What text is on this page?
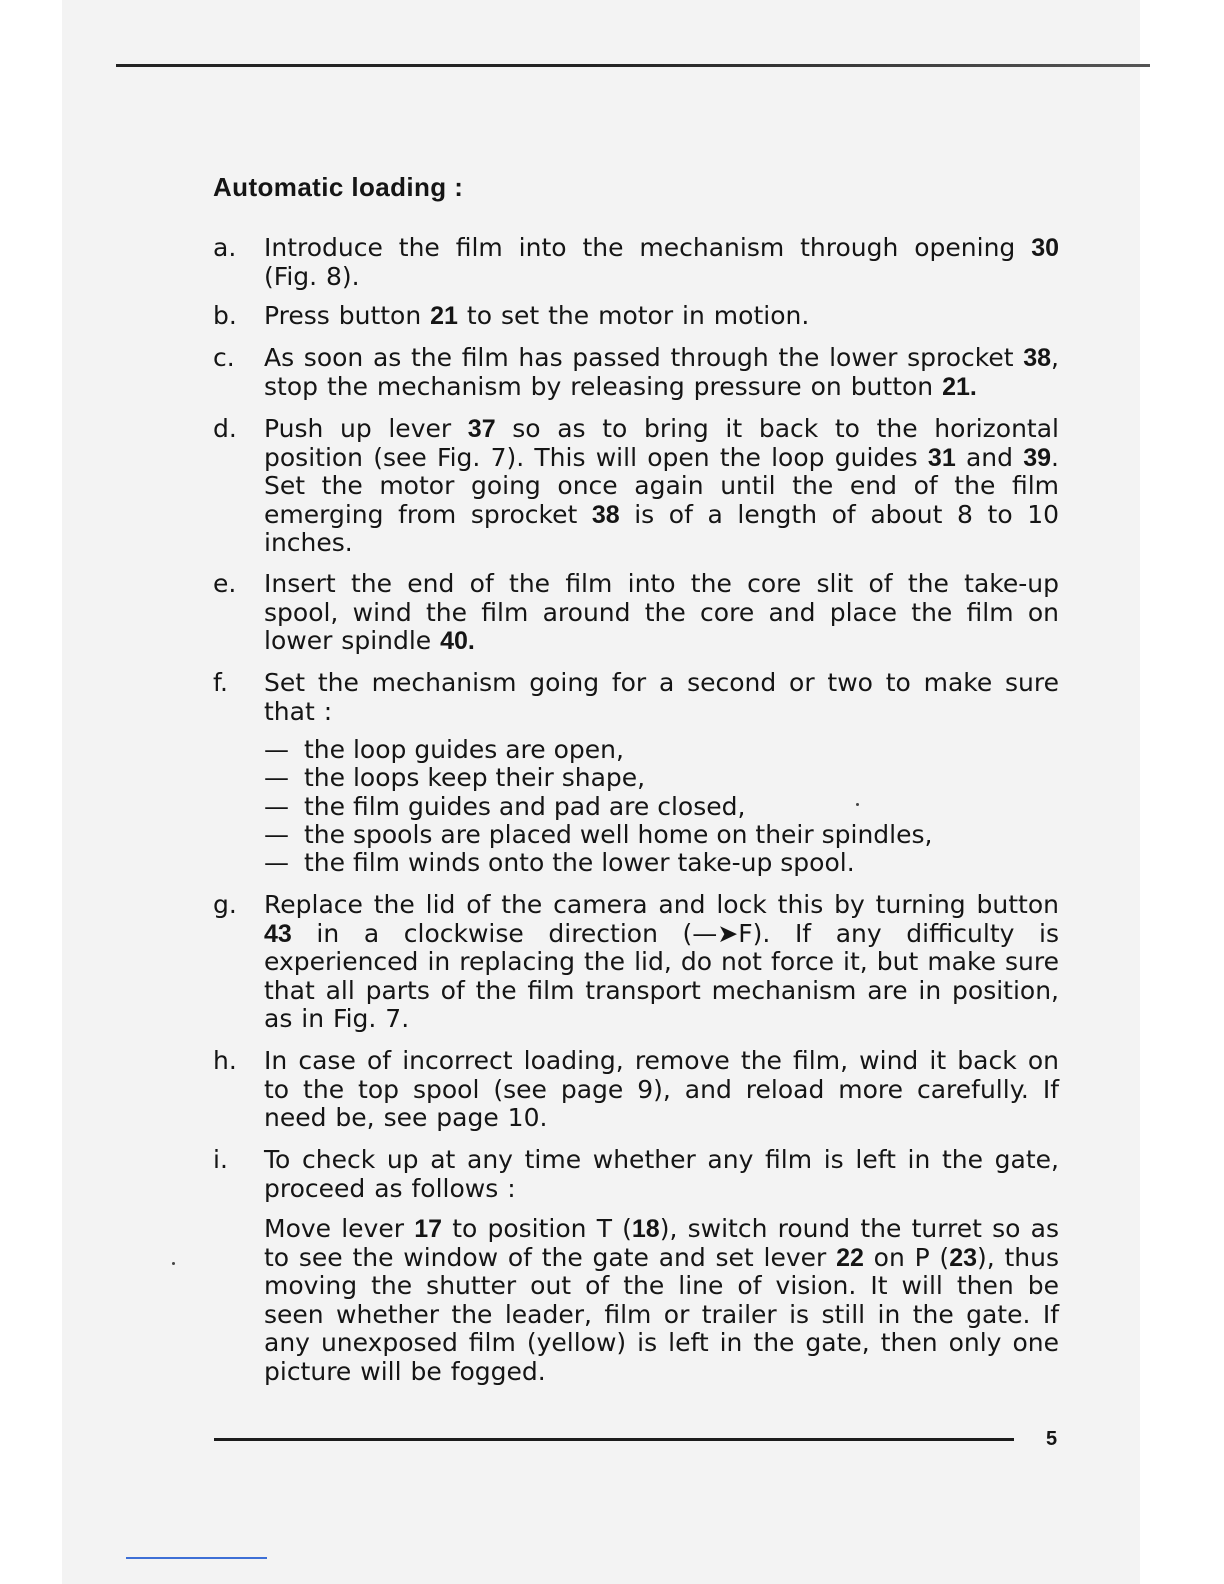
Automatic loading :
a. Introduce the film into the mechanism through opening 30 (Fig. 8).
b. Press button 21 to set the motor in motion.
c. As soon as the film has passed through the lower sprocket 38, stop the mechanism by releasing pressure on button 21.
d. Push up lever 37 so as to bring it back to the horizontal position (see Fig. 7). This will open the loop guides 31 and 39. Set the motor going once again until the end of the film emerging from sprocket 38 is of a length of about 8 to 10 inches.
e. Insert the end of the film into the core slit of the take-up spool, wind the film around the core and place the film on lower spindle 40.
f. Set the mechanism going for a second or two to make sure that :
— the loop guides are open,
— the loops keep their shape,
— the film guides and pad are closed,
— the spools are placed well home on their spindles,
— the film winds onto the lower take-up spool.
g. Replace the lid of the camera and lock this by turning button 43 in a clockwise direction (—➤F). If any difficulty is experienced in replacing the lid, do not force it, but make sure that all parts of the film transport mechanism are in position, as in Fig. 7.
h. In case of incorrect loading, remove the film, wind it back on to the top spool (see page 9), and reload more carefully. If need be, see page 10.
i. To check up at any time whether any film is left in the gate, proceed as follows :
Move lever 17 to position T (18), switch round the turret so as to see the window of the gate and set lever 22 on P (23), thus moving the shutter out of the line of vision. It will then be seen whether the leader, film or trailer is still in the gate. If any unexposed film (yellow) is left in the gate, then only one picture will be fogged.
5
